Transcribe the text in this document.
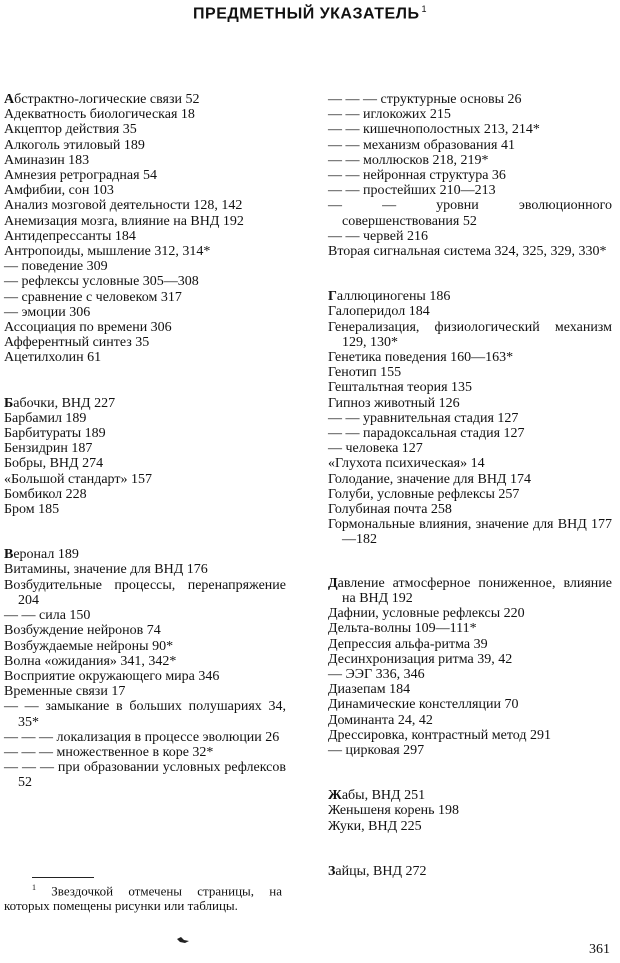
ПРЕДМЕТНЫЙ УКАЗАТЕЛЬ $^1$

Абстрактно-логические связи 52

Адекватность биологическая 18

Акцептор действия 35

Алкоголь этиловый 189

Аминазин 183

Амнезия ретроградная 54

Амфибии, сон 103

Анализ мозговой деятельности 128, 142

Анемизация мозга, влияние на ВНД 192

Антидепрессанты 184

Антропоиды, мышление 312, 314*

— поведение 309

— рефлексы условные 305—308

— сравнение с человеком 317

— эмоции 306

Ассоциация по времени 306

Афферентный синтез 35

Ацетилхолин 61

Бабочки, ВНД 227

Барбамил 189

Барбитураты 189

Бензидрин 187

Бобры, ВНД 274

«Большой стандарт» 157

Бомбикол 228

Бром 185

Веронал 189

Витамины, значение для ВНД 176

Возбудительные процессы, перенапряжение 204

— — сила 150

Возбуждение нейронов 74

Возбуждаемые нейроны 90*

Волна «ожидания» 341, 342*

Восприятие окружающего мира 346

Временные связи 17

— — замыкание в больших полушариях 34, 35*

— — — локализация в процессе эволюции 26

— — — множественное в коре 32*

— — — при образовании условных рефлексов 52

— — — структурные основы 26

— — иглокожих 215

— — кишечнополостных 213, 214*

— — механизм образования 41

— — моллюсков 218, 219*

— — нейронная структура 36

— — простейших 210—213

— — уровни эволюционного совершенствования 52

— — червей 216

Вторая сигнальная система 324, 325, 329, 330*

Галлюциногены 186

Галоперидол 184

Генерализация, физиологический механизм 129, 130*

Генетика поведения 160—163*

Генотип 155

Гештальтная теория 135

Гипноз животный 126

— — уравнительная стадия 127

— — парадоксальная стадия 127

— человека 127

«Глухота психическая» 14

Голодание, значение для ВНД 174

Голуби, условные рефлексы 257

Голубиная почта 258

Гормональные влияния, значение для ВНД 177—182

Давление атмосферное пониженное, влияние на ВНД 192

Дафнии, условные рефлексы 220

Дельта-волны 109—111*

Депрессия альфа-ритма 39

Десинхронизация ритма 39, 42

— ЭЭГ 336, 346

Диазепам 184

Динамические констелляции 70

Доминанта 24, 42

Дрессировка, контрастный метод 291

— цирковая 297

Жабы, ВНД 251

Женьшеня корень 198

Жуки, ВНД 225

Зайцы, ВНД 272

$^1$ Звездочкой отмечены страницы, на которых помещены рисунки или таблицы.
361
